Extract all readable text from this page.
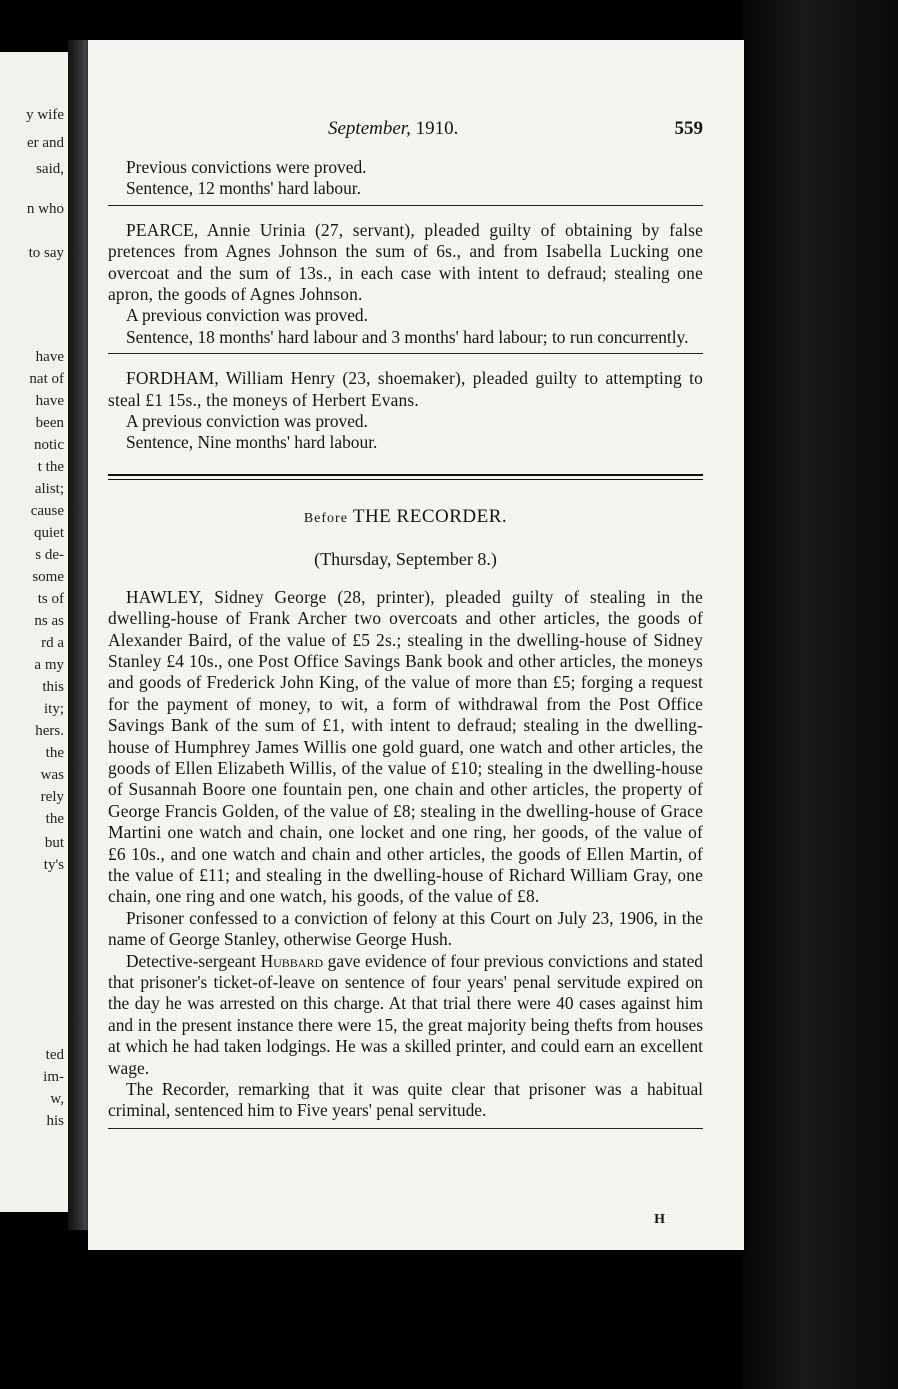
y wife
er and
said,
n who
to say
have
nat of
have
been
notic
t the
alist;
cause
quiet
s de-
some
ts of
ns as
rd a
a my
this
ity;
hers.
the
was
rely
the
but
ty's
ted
im-
w,
his
September, 1910.	559

Previous convictions were proved.

Sentence, 12 months' hard labour.

PEARCE, Annie Urinia (27, servant), pleaded guilty of obtaining by false pretences from Agnes Johnson the sum of 6s., and from Isabella Lucking one overcoat and the sum of 13s., in each case with intent to defraud; stealing one apron, the goods of Agnes Johnson.

A previous conviction was proved.

Sentence, 18 months' hard labour and 3 months' hard labour; to run concurrently.

FORDHAM, William Henry (23, shoemaker), pleaded guilty to attempting to steal £1 15s., the moneys of Herbert Evans.

A previous conviction was proved.

Sentence, Nine months' hard labour.

Before THE RECORDER.
(Thursday, September 8.)

HAWLEY, Sidney George (28, printer), pleaded guilty of stealing in the dwelling-house of Frank Archer two overcoats and other articles, the goods of Alexander Baird, of the value of £5 2s.; stealing in the dwelling-house of Sidney Stanley £4 10s., one Post Office Savings Bank book and other articles, the moneys and goods of Frederick John King, of the value of more than £5; forging a request for the payment of money, to wit, a form of withdrawal from the Post Office Savings Bank of the sum of £1, with intent to defraud; stealing in the dwelling-house of Humphrey James Willis one gold guard, one watch and other articles, the goods of Ellen Elizabeth Willis, of the value of £10; stealing in the dwelling-house of Susannah Boore one fountain pen, one chain and other articles, the property of George Francis Golden, of the value of £8; stealing in the dwelling-house of Grace Martini one watch and chain, one locket and one ring, her goods, of the value of £6 10s., and one watch and chain and other articles, the goods of Ellen Martin, of the value of £11; and stealing in the dwelling-house of Richard William Gray, one chain, one ring and one watch, his goods, of the value of £8.

Prisoner confessed to a conviction of felony at this Court on July 23, 1906, in the name of George Stanley, otherwise George Hush.

Detective-sergeant Hubbard gave evidence of four previous convictions and stated that prisoner's ticket-of-leave on sentence of four years' penal servitude expired on the day he was arrested on this charge. At that trial there were 40 cases against him and in the present instance there were 15, the great majority being thefts from houses at which he had taken lodgings. He was a skilled printer, and could earn an excellent wage.

The Recorder, remarking that it was quite clear that prisoner was a habitual criminal, sentenced him to Five years' penal servitude.

H
